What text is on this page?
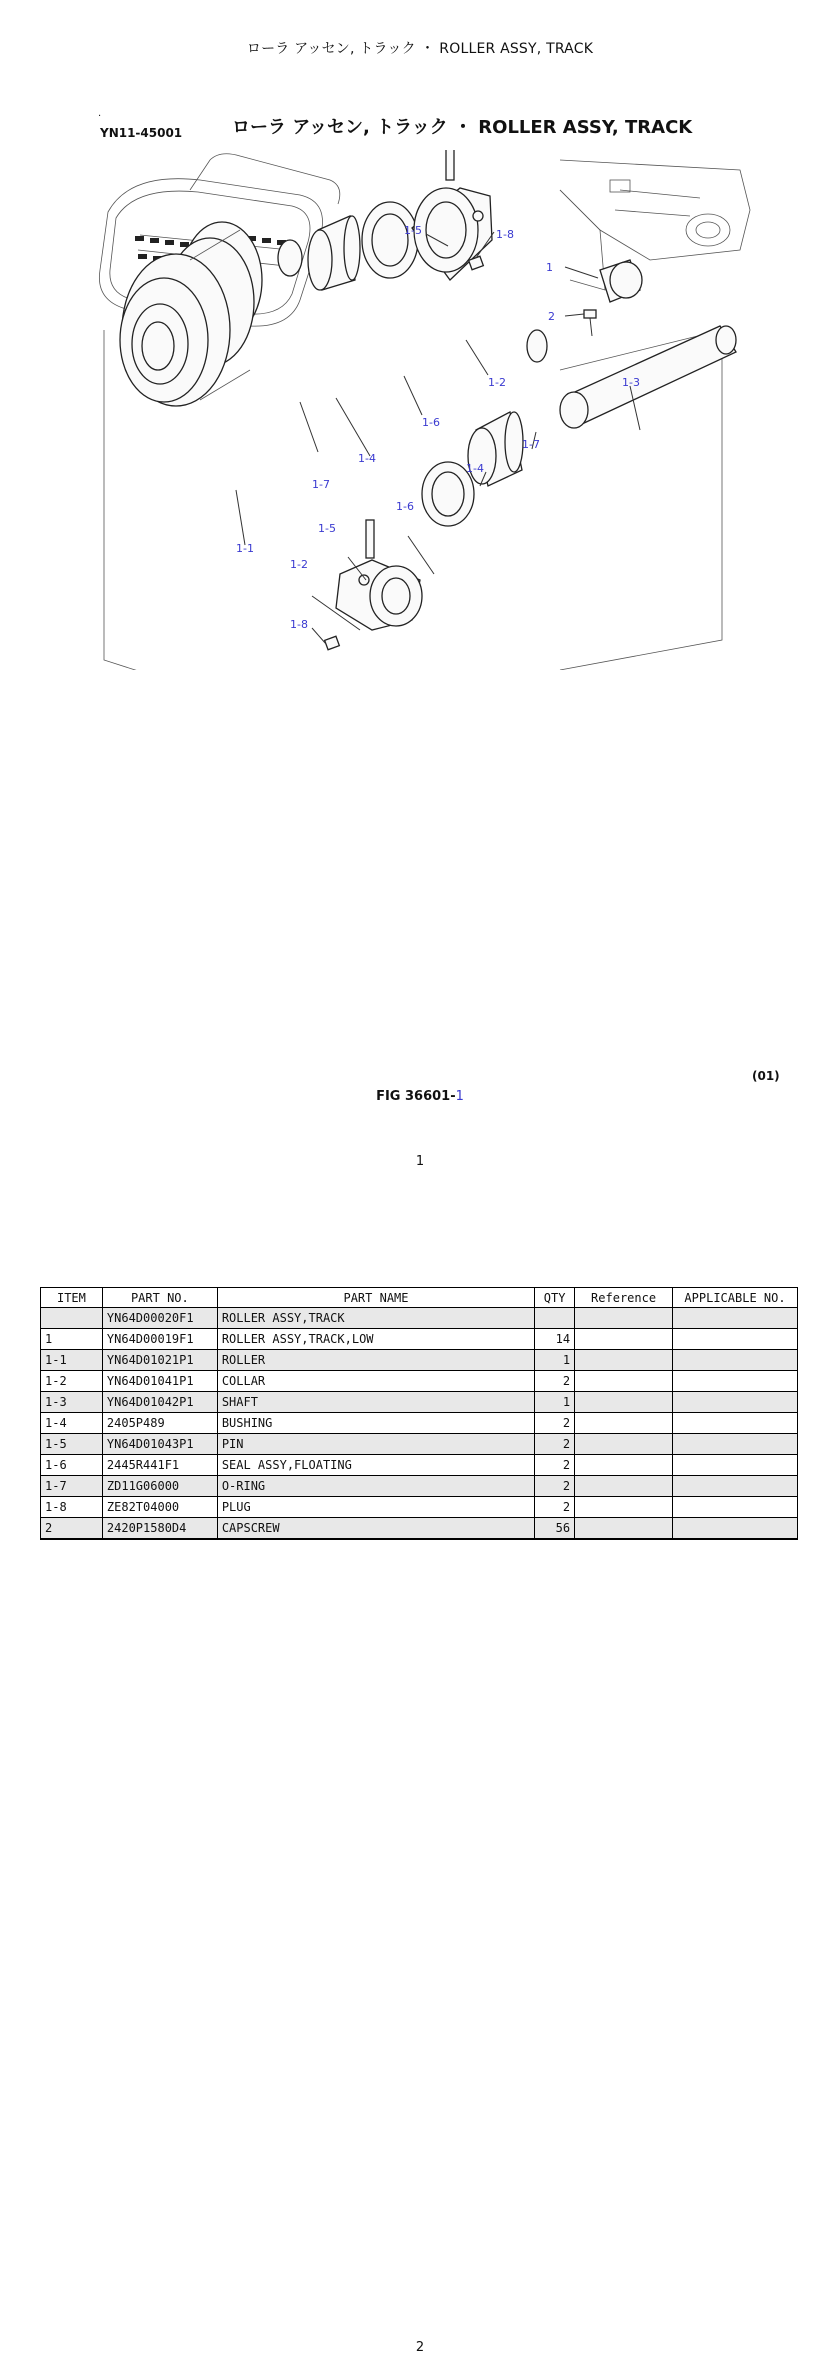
ローラ アッセン, トラック ・ ROLLER ASSY, TRACK
.
YN11-45001	ローラ アッセン, トラック ・ ROLLER ASSY, TRACK
1-5	1-8
1
2
1-2
1-6
1-3
1-7
1-4
1-7
1-1
1-4
1-6
1-5
1-2
1-8
(01)
FIG 36601-1
1
ITEM	PART NO.	PART NAME	QTY	Reference	APPLICABLE NO.
	YN64D00020F1	ROLLER ASSY,TRACK			
1	YN64D00019F1	ROLLER ASSY,TRACK,LOW	14		
1-1	YN64D01021P1	ROLLER	1		
1-2	YN64D01041P1	COLLAR	2		
1-3	YN64D01042P1	SHAFT	1		
1-4	2405P489	BUSHING	2		
1-5	YN64D01043P1	PIN	2		
1-6	2445R441F1	SEAL ASSY,FLOATING	2		
1-7	ZD11G06000	O-RING	2		
1-8	ZE82T04000	PLUG	2		
2	2420P1580D4	CAPSCREW	56		
2
